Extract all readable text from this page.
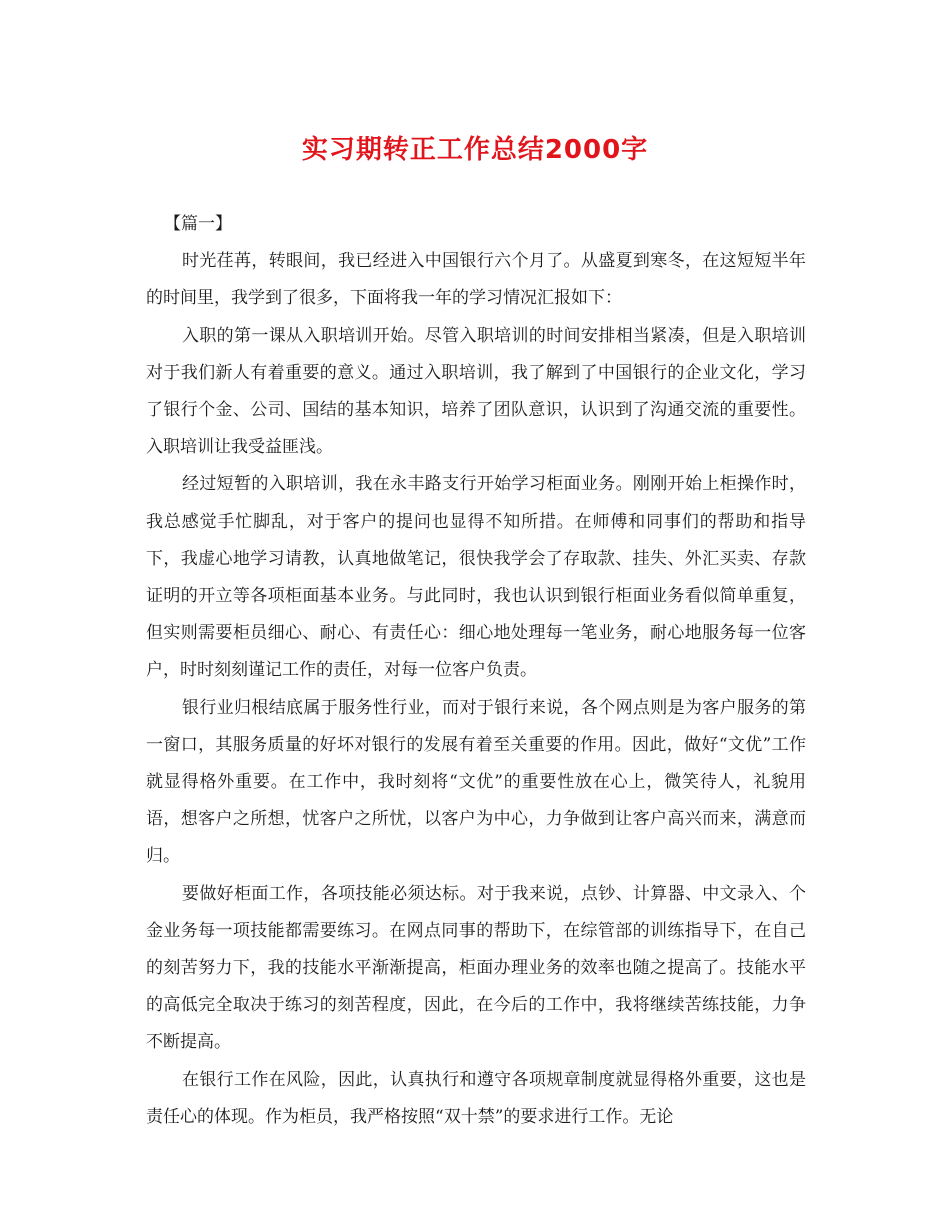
实习期转正工作总结2000字

【篇一】

时光荏苒，转眼间，我已经进入中国银行六个月了。从盛夏到寒冬，在这短短半年的时间里，我学到了很多，下面将我一年的学习情况汇报如下：

入职的第一课从入职培训开始。尽管入职培训的时间安排相当紧凑，但是入职培训对于我们新人有着重要的意义。通过入职培训，我了解到了中国银行的企业文化，学习了银行个金、公司、国结的基本知识，培养了团队意识，认识到了沟通交流的重要性。入职培训让我受益匪浅。

经过短暂的入职培训，我在永丰路支行开始学习柜面业务。刚刚开始上柜操作时，我总感觉手忙脚乱，对于客户的提问也显得不知所措。在师傅和同事们的帮助和指导下，我虚心地学习请教，认真地做笔记，很快我学会了存取款、挂失、外汇买卖、存款证明的开立等各项柜面基本业务。与此同时，我也认识到银行柜面业务看似简单重复，但实则需要柜员细心、耐心、有责任心：细心地处理每一笔业务，耐心地服务每一位客户，时时刻刻谨记工作的责任，对每一位客户负责。

银行业归根结底属于服务性行业，而对于银行来说，各个网点则是为客户服务的第一窗口，其服务质量的好坏对银行的发展有着至关重要的作用。因此，做好“文优”工作就显得格外重要。在工作中，我时刻将“文优”的重要性放在心上，微笑待人，礼貌用语，想客户之所想，忧客户之所忧，以客户为中心，力争做到让客户高兴而来，满意而归。

要做好柜面工作，各项技能必须达标。对于我来说，点钞、计算器、中文录入、个金业务每一项技能都需要练习。在网点同事的帮助下，在综管部的训练指导下，在自己的刻苦努力下，我的技能水平渐渐提高，柜面办理业务的效率也随之提高了。技能水平的高低完全取决于练习的刻苦程度，因此，在今后的工作中，我将继续苦练技能，力争不断提高。

在银行工作在风险，因此，认真执行和遵守各项规章制度就显得格外重要，这也是责任心的体现。作为柜员，我严格按照“双十禁”的要求进行工作。无论
